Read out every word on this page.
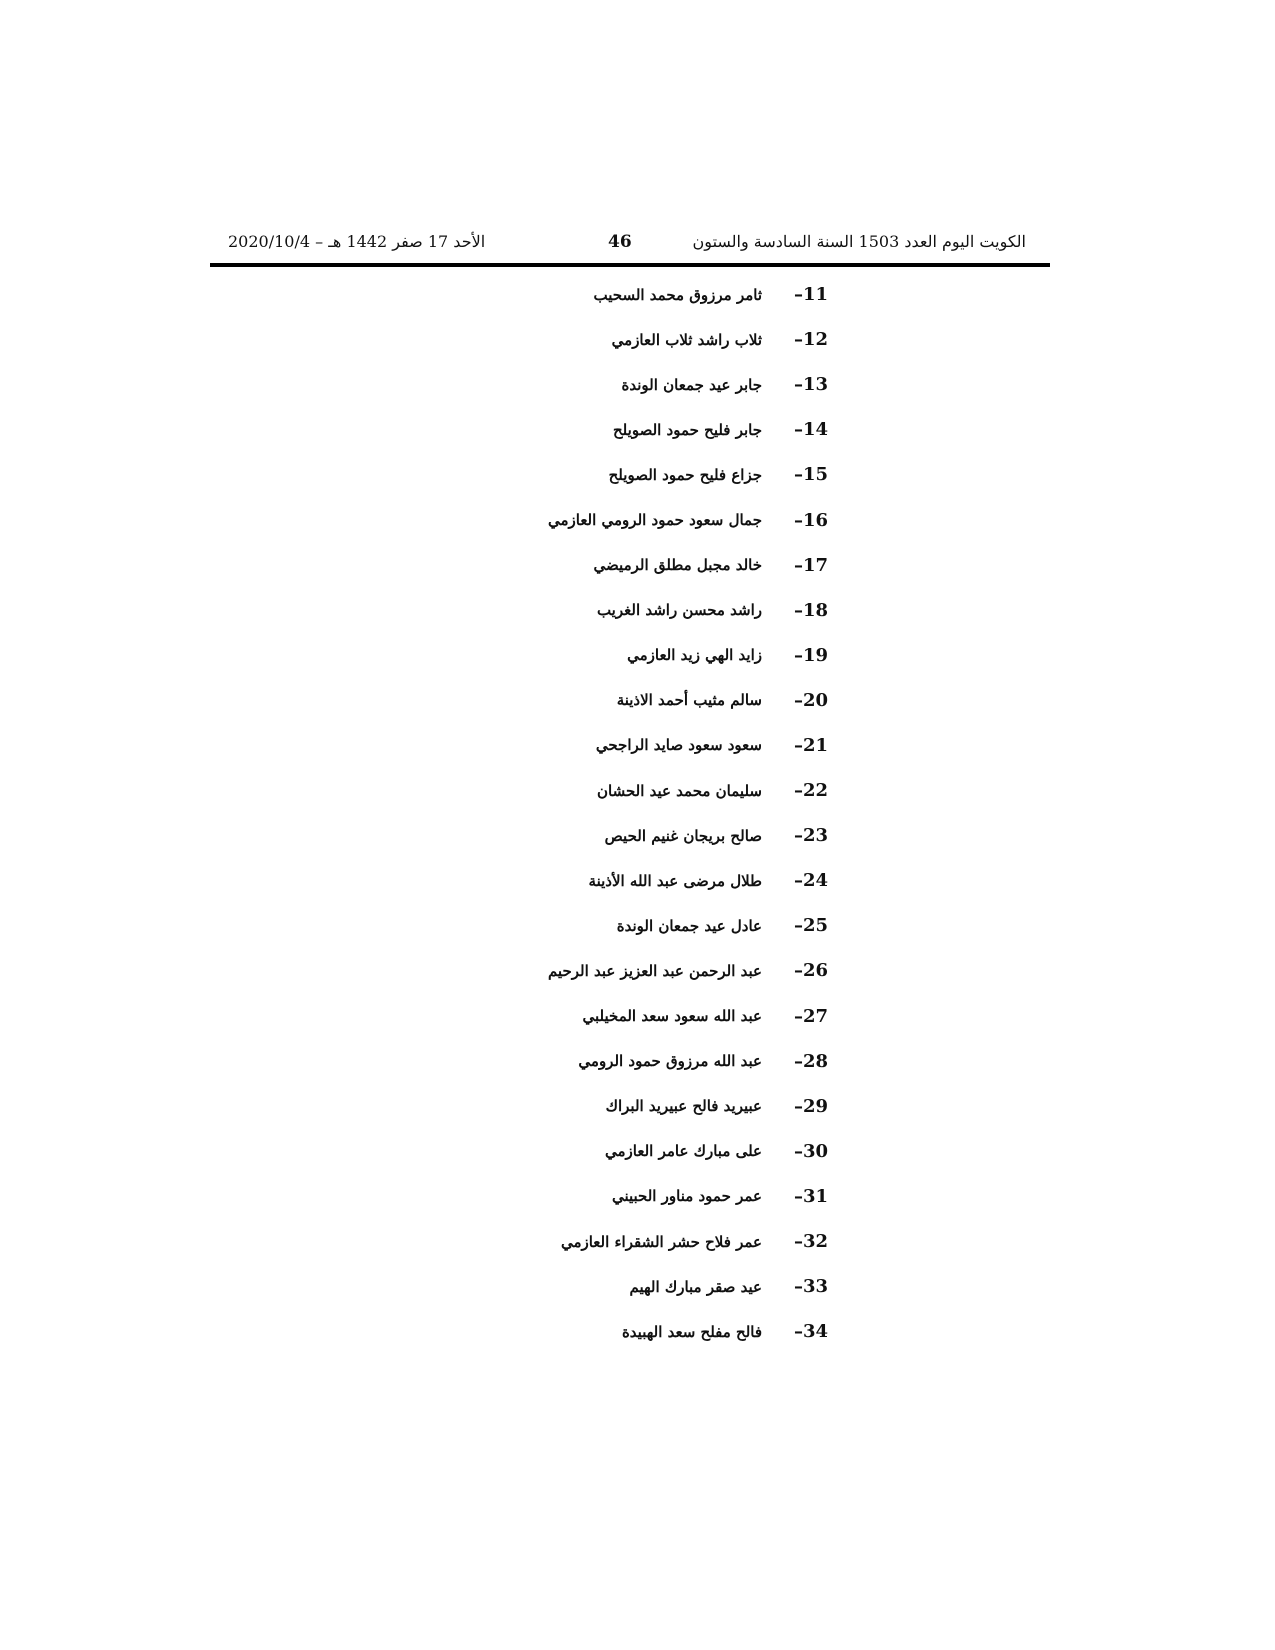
الكويت اليوم العدد 1503 السنة السادسة والستون
46
الأحد 17 صفر 1442 هـ – 2020/10/4
11–
ثامر مرزوق محمد السحيب
12–
ثلاب راشد ثلاب العازمي
13–
جابر عيد جمعان الوندة
14–
جابر فليح حمود الصويلح
15–
جزاع فليح حمود الصويلح
16–
جمال سعود حمود الرومي العازمي
17–
خالد مجبل مطلق الرميضي
18–
راشد محسن راشد الغريب
19–
زايد الهي زيد العازمي
20–
سالم مثيب أحمد الاذينة
21–
سعود سعود صايد الراجحي
22–
سليمان محمد عيد الحشان
23–
صالح بريجان غنيم الحيص
24–
طلال مرضى عبد الله الأذينة
25–
عادل عيد جمعان الوندة
26–
عبد الرحمن عبد العزيز عبد الرحيم
27–
عبد الله سعود سعد المخيلبي
28–
عبد الله مرزوق حمود الرومي
29–
عبيريد فالح عبيريد البراك
30–
على مبارك عامر العازمي
31–
عمر حمود مناور الحبيني
32–
عمر فلاح حشر الشقراء العازمي
33–
عيد صقر مبارك الهيم
34–
فالح مفلح سعد الهبيدة
